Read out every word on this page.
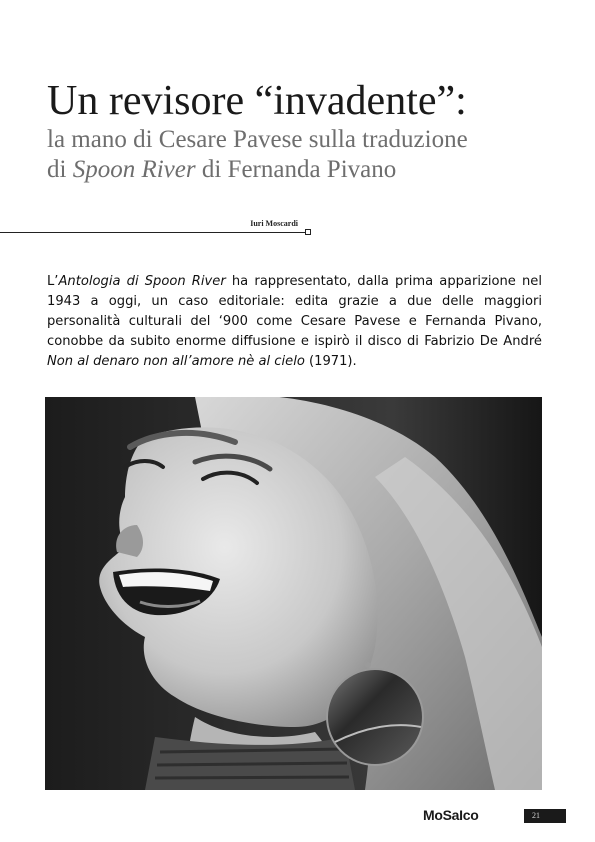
Un revisore “invadente”:
la mano di Cesare Pavese sulla traduzione
di Spoon River di Fernanda Pivano
Iuri Moscardi

L’Antologia di Spoon River ha rappresentato, dalla prima apparizione nel 1943 a oggi, un caso editoriale: edita grazie a due delle maggiori personalità culturali del ‘900 come Cesare Pavese e Fernanda Pivano, conobbe da subito enorme diffusione e ispirò il disco di Fabrizio De André Non al denaro non all’amore nè al cielo (1971).

MoSaIco	21
